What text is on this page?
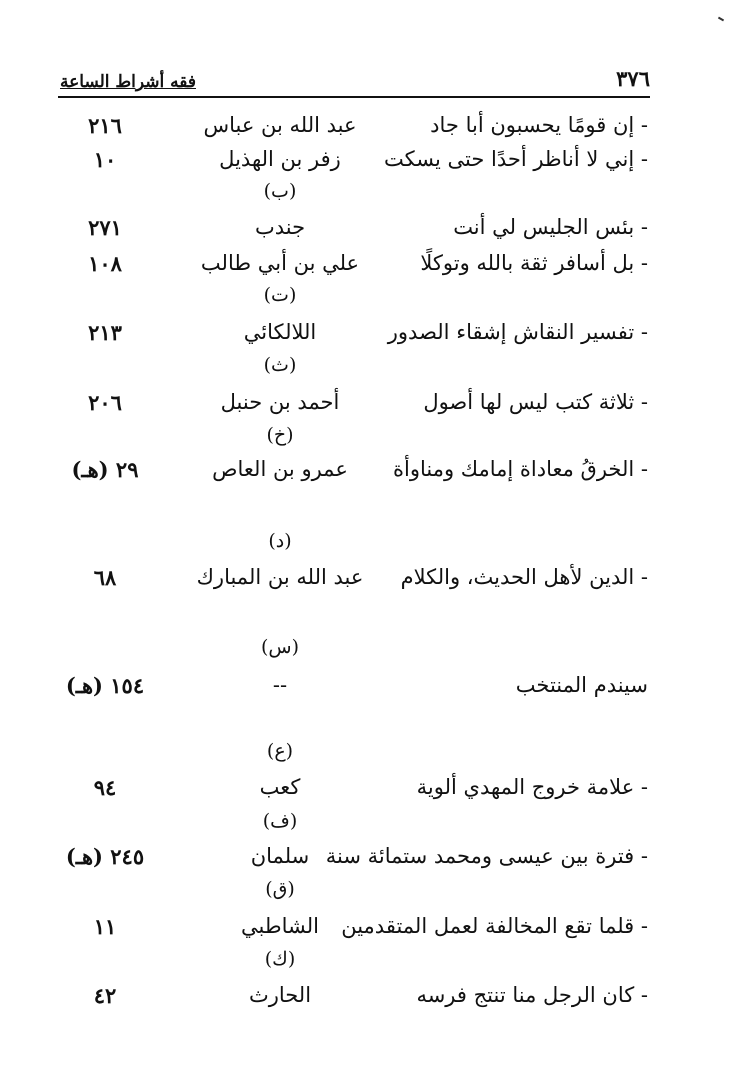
٣٧٦
فقه أشراط الساعة
- إن قومًا يحسبون أبا جاد
عبد الله بن عباس
٢١٦
- إني لا أناظر أحدًا حتى يسكت
زفر بن الهذيل
١٠
(ب)
- بئس الجليس لي أنت
جندب
٢٧١
- بل أسافر ثقة بالله وتوكلًا
علي بن أبي طالب
١٠٨
(ت)
- تفسير النقاش إشقاء الصدور
اللالكائي
٢١٣
(ث)
- ثلاثة كتب ليس لها أصول
أحمد بن حنبل
٢٠٦
(خ)
- الخرقُ معاداة إمامك ومناوأة
عمرو بن العاص
٢٩ (هـ)
(د)
- الدين لأهل الحديث، والكلام
عبد الله بن المبارك
٦٨
(س)
سيندم المنتخب
--
١٥٤ (هـ)
(ع)
- علامة خروج المهدي ألوية
كعب
٩٤
(ف)
- فترة بين عيسى ومحمد ستمائة سنة
سلمان
٢٤٥ (هـ)
(ق)
- قلما تقع المخالفة لعمل المتقدمين
الشاطبي
١١
(ك)
- كان الرجل منا تنتج فرسه
الحارث
٤٢
